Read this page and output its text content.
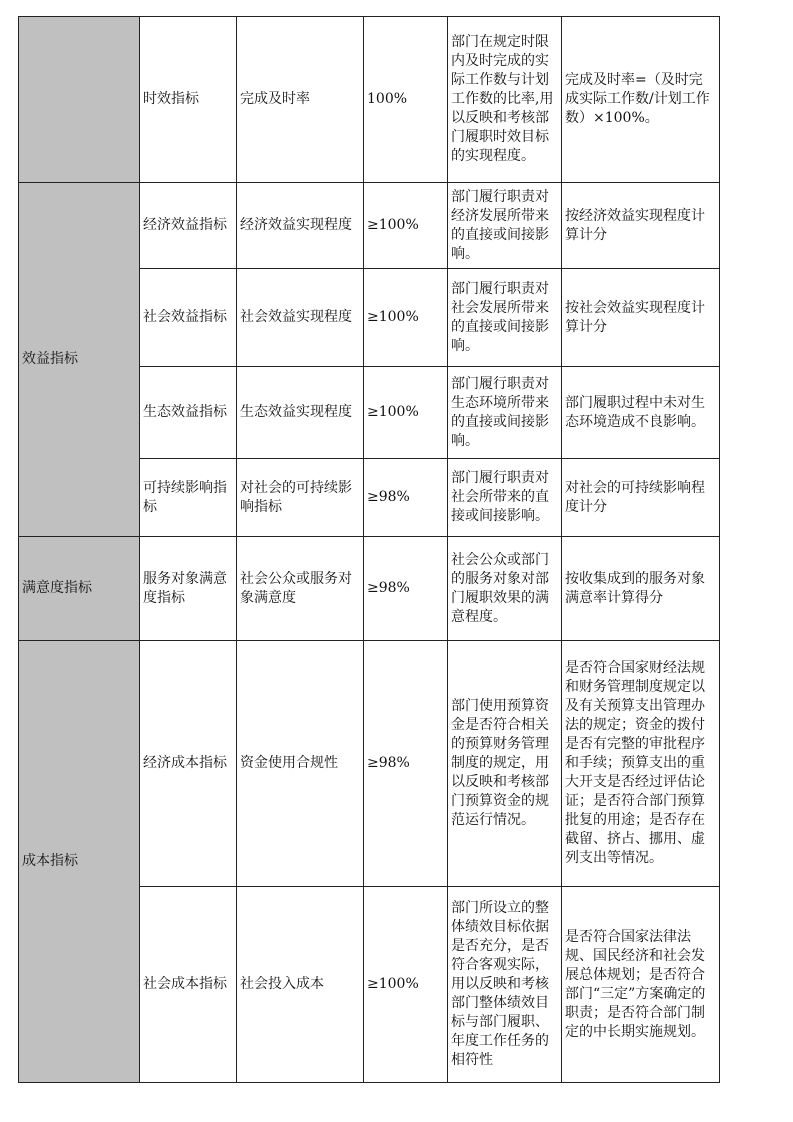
	时效指标	完成及时率	100%	部门在规定时限内及时完成的实际工作数与计划工作数的比率,用以反映和考核部门履职时效目标的实现程度。	完成及时率=（及时完成实际工作数/计划工作数）×100%。
效益指标	经济效益指标	经济效益实现程度	≥100%	部门履行职责对经济发展所带来的直接或间接影响。	按经济效益实现程度计算计分
	社会效益指标	社会效益实现程度	≥100%	部门履行职责对社会发展所带来的直接或间接影响。	按社会效益实现程度计算计分
	生态效益指标	生态效益实现程度	≥100%	部门履行职责对生态环境所带来的直接或间接影响。	部门履职过程中未对生态环境造成不良影响。
	可持续影响指标	对社会的可持续影响指标	≥98%	部门履行职责对社会所带来的直接或间接影响。	对社会的可持续影响程度计分
满意度指标	服务对象满意度指标	社会公众或服务对象满意度	≥98%	社会公众或部门的服务对象对部门履职效果的满意程度。	按收集成到的服务对象满意率计算得分
成本指标	经济成本指标	资金使用合规性	≥98%	部门使用预算资金是否符合相关的预算财务管理制度的规定，用以反映和考核部门预算资金的规范运行情况。	是否符合国家财经法规和财务管理制度规定以及有关预算支出管理办法的规定；资金的拨付是否有完整的审批程序和手续；预算支出的重大开支是否经过评估论证；是否符合部门预算批复的用途；是否存在截留、挤占、挪用、虚列支出等情况。
	社会成本指标	社会投入成本	≥100%	部门所设立的整体绩效目标依据是否充分，是否符合客观实际，用以反映和考核部门整体绩效目标与部门履职、年度工作任务的相符性	是否符合国家法律法规、国民经济和社会发展总体规划；是否符合部门“三定”方案确定的职责；是否符合部门制定的中长期实施规划。
